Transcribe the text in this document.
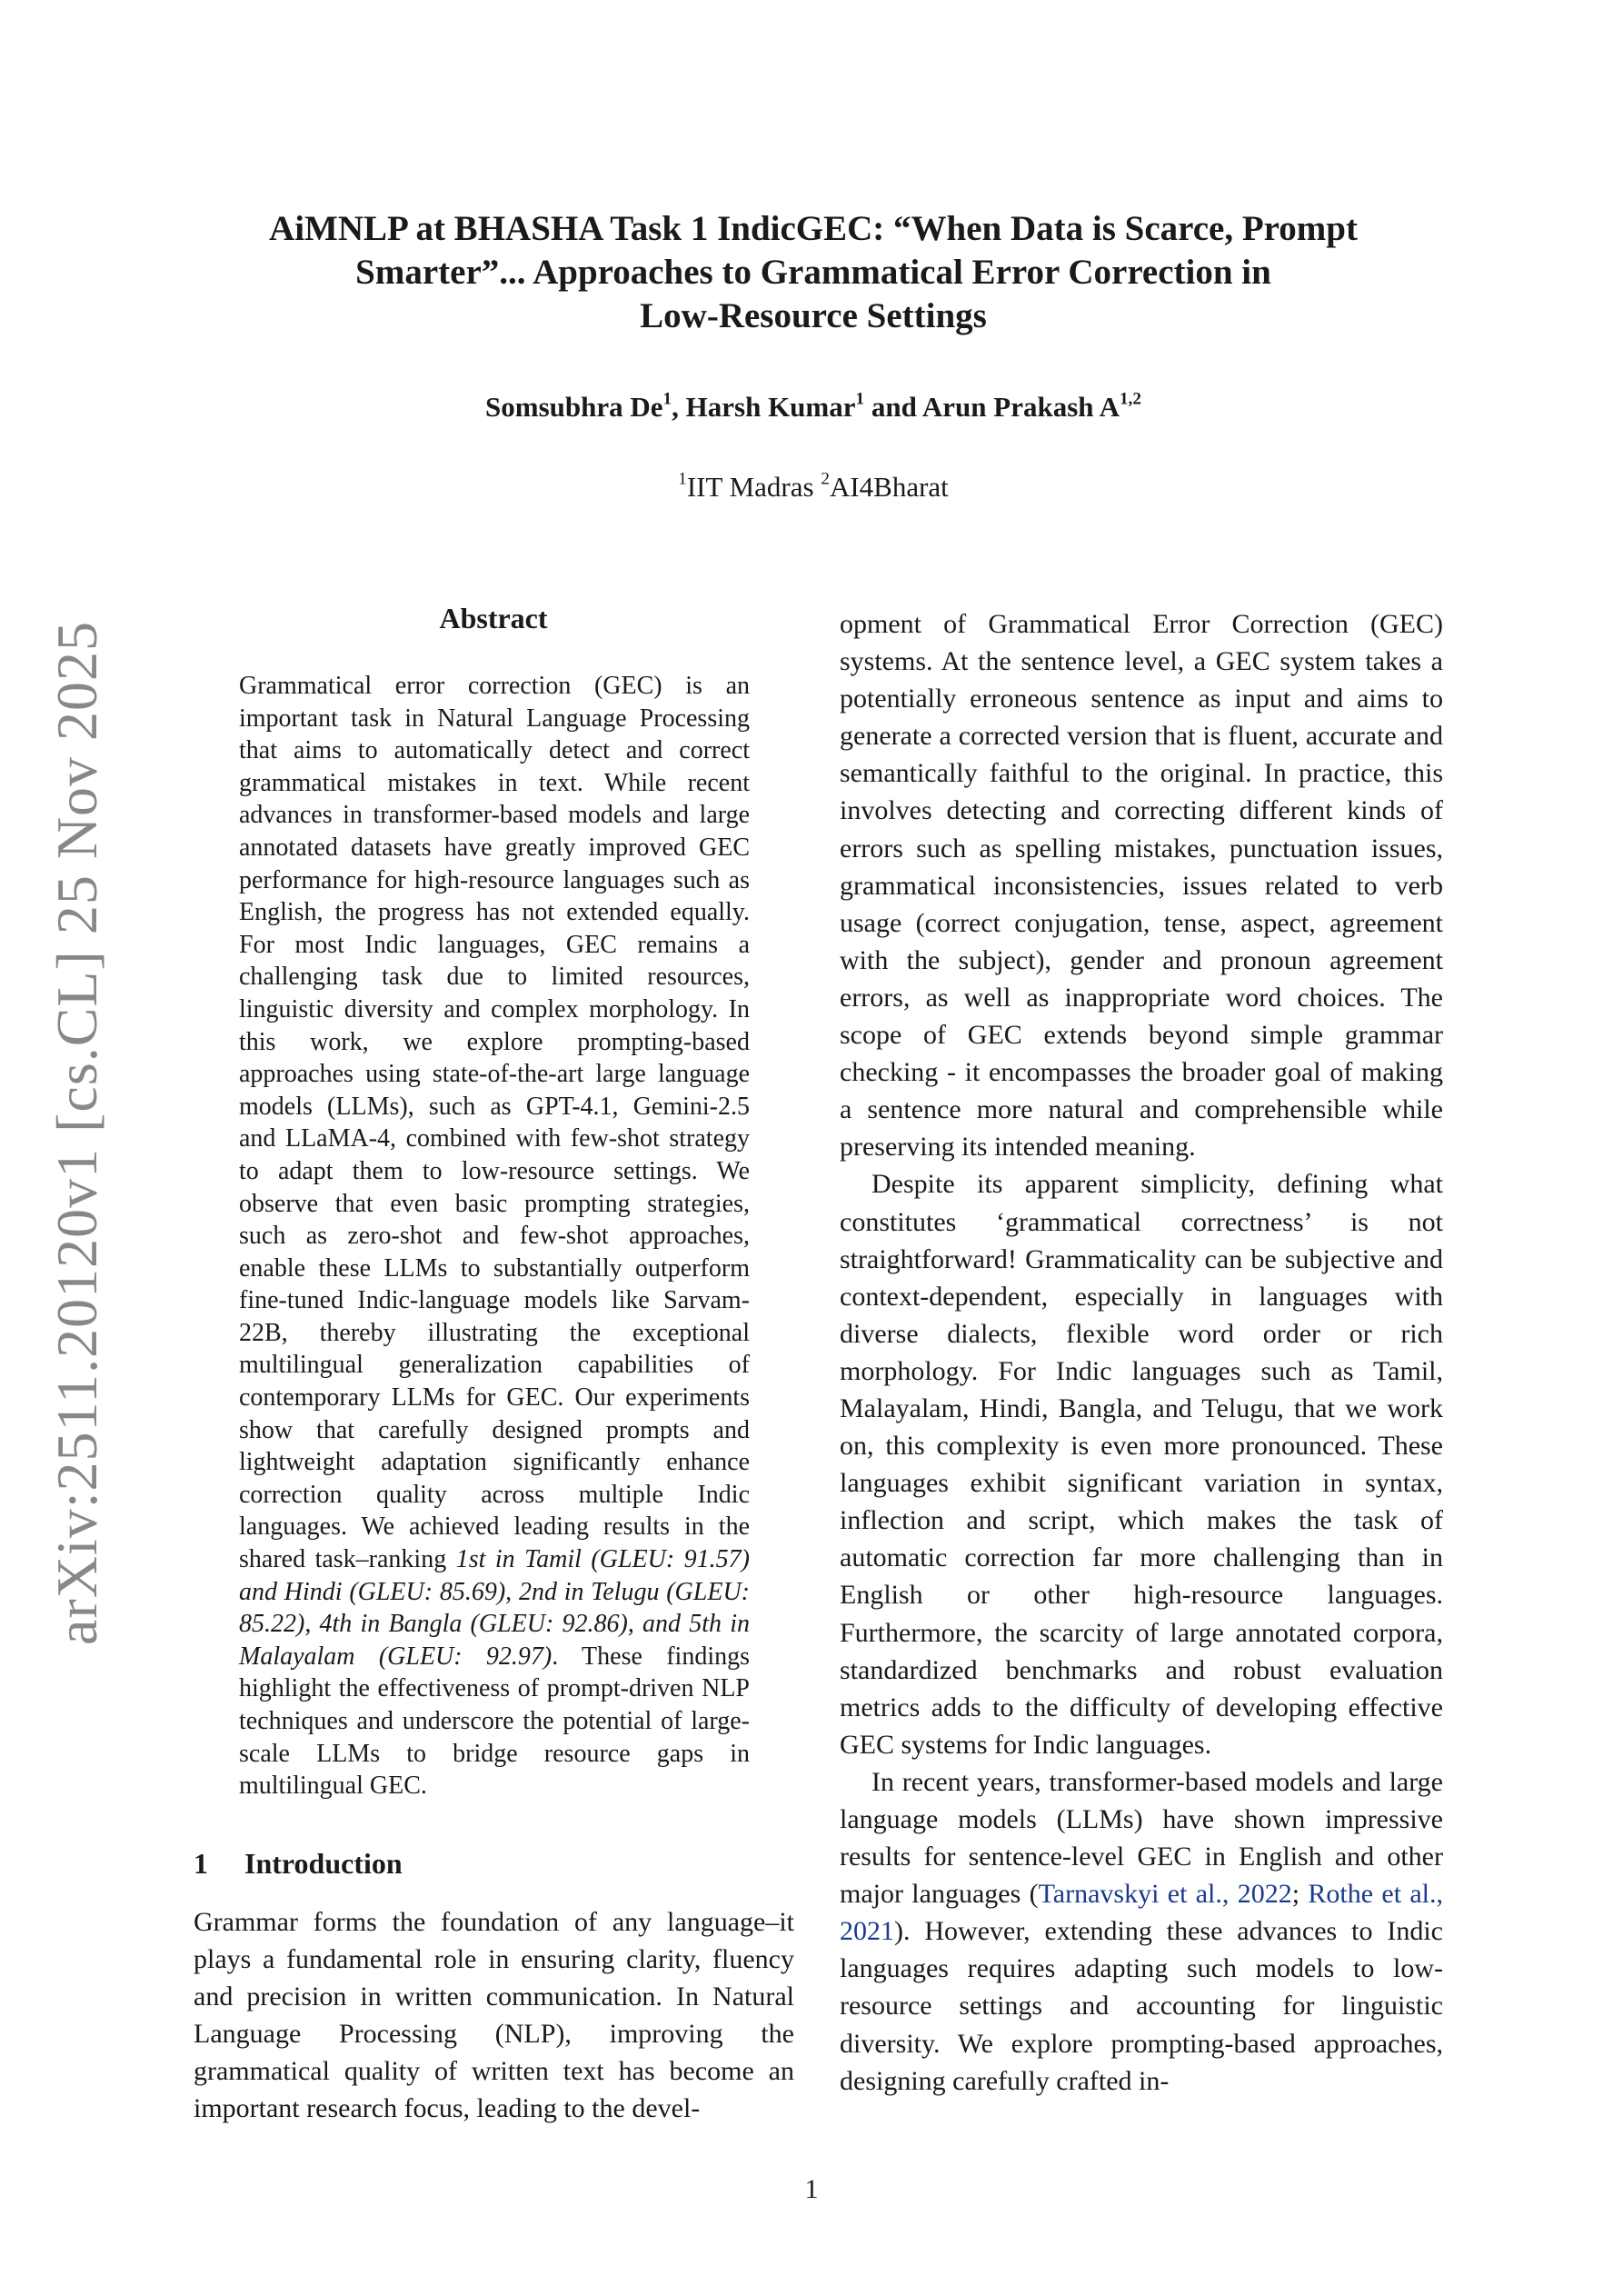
arXiv:2511.20120v1 [cs.CL] 25 Nov 2025
AiMNLP at BHASHA Task 1 IndicGEC: “When Data is Scarce, Prompt
Smarter”... Approaches to Grammatical Error Correction in
Low-Resource Settings
Somsubhra De$^1$, Harsh Kumar$^1$ and Arun Prakash A$^{1,2}$
$^1$IIT Madras $^2$AI4Bharat
Abstract
Grammatical error correction (GEC) is an important task in Natural Language Processing that aims to automatically detect and correct grammatical mistakes in text. While recent advances in transformer-based models and large annotated datasets have greatly improved GEC performance for high-resource languages such as English, the progress has not extended equally. For most Indic languages, GEC remains a challenging task due to limited resources, linguistic diversity and complex morphology. In this work, we explore prompting-based approaches using state-of-the-art large language models (LLMs), such as GPT-4.1, Gemini-2.5 and LLaMA-4, combined with few-shot strategy to adapt them to low-resource settings. We observe that even basic prompting strategies, such as zero-shot and few-shot approaches, enable these LLMs to substantially outperform fine-tuned Indic-language models like Sarvam-22B, thereby illustrating the exceptional multilingual generalization capabilities of contemporary LLMs for GEC. Our experiments show that carefully designed prompts and lightweight adaptation significantly enhance correction quality across multiple Indic languages. We achieved leading results in the shared task–ranking 1st in Tamil (GLEU: 91.57) and Hindi (GLEU: 85.69), 2nd in Telugu (GLEU: 85.22), 4th in Bangla (GLEU: 92.86), and 5th in Malayalam (GLEU: 92.97). These findings highlight the effectiveness of prompt-driven NLP techniques and underscore the potential of large-scale LLMs to bridge resource gaps in multilingual GEC.
1 Introduction
Grammar forms the foundation of any language–it plays a fundamental role in ensuring clarity, fluency and precision in written communication. In Natural Language Processing (NLP), improving the grammatical quality of written text has become an important research focus, leading to the devel-

opment of Grammatical Error Correction (GEC) systems. At the sentence level, a GEC system takes a potentially erroneous sentence as input and aims to generate a corrected version that is fluent, accurate and semantically faithful to the original. In practice, this involves detecting and correcting different kinds of errors such as spelling mistakes, punctuation issues, grammatical inconsistencies, issues related to verb usage (correct conjugation, tense, aspect, agreement with the subject), gender and pronoun agreement errors, as well as inappropriate word choices. The scope of GEC extends beyond simple grammar checking - it encompasses the broader goal of making a sentence more natural and comprehensible while preserving its intended meaning.

Despite its apparent simplicity, defining what constitutes ‘grammatical correctness’ is not straightforward! Grammaticality can be subjective and context-dependent, especially in languages with diverse dialects, flexible word order or rich morphology. For Indic languages such as Tamil, Malayalam, Hindi, Bangla, and Telugu, that we work on, this complexity is even more pronounced. These languages exhibit significant variation in syntax, inflection and script, which makes the task of automatic correction far more challenging than in English or other high-resource languages. Furthermore, the scarcity of large annotated corpora, standardized benchmarks and robust evaluation metrics adds to the difficulty of developing effective GEC systems for Indic languages.

In recent years, transformer-based models and large language models (LLMs) have shown impressive results for sentence-level GEC in English and other major languages (Tarnavskyi et al., 2022; Rothe et al., 2021). However, extending these advances to Indic languages requires adapting such models to low-resource settings and accounting for linguistic diversity. We explore prompting-based approaches, designing carefully crafted in-

1
